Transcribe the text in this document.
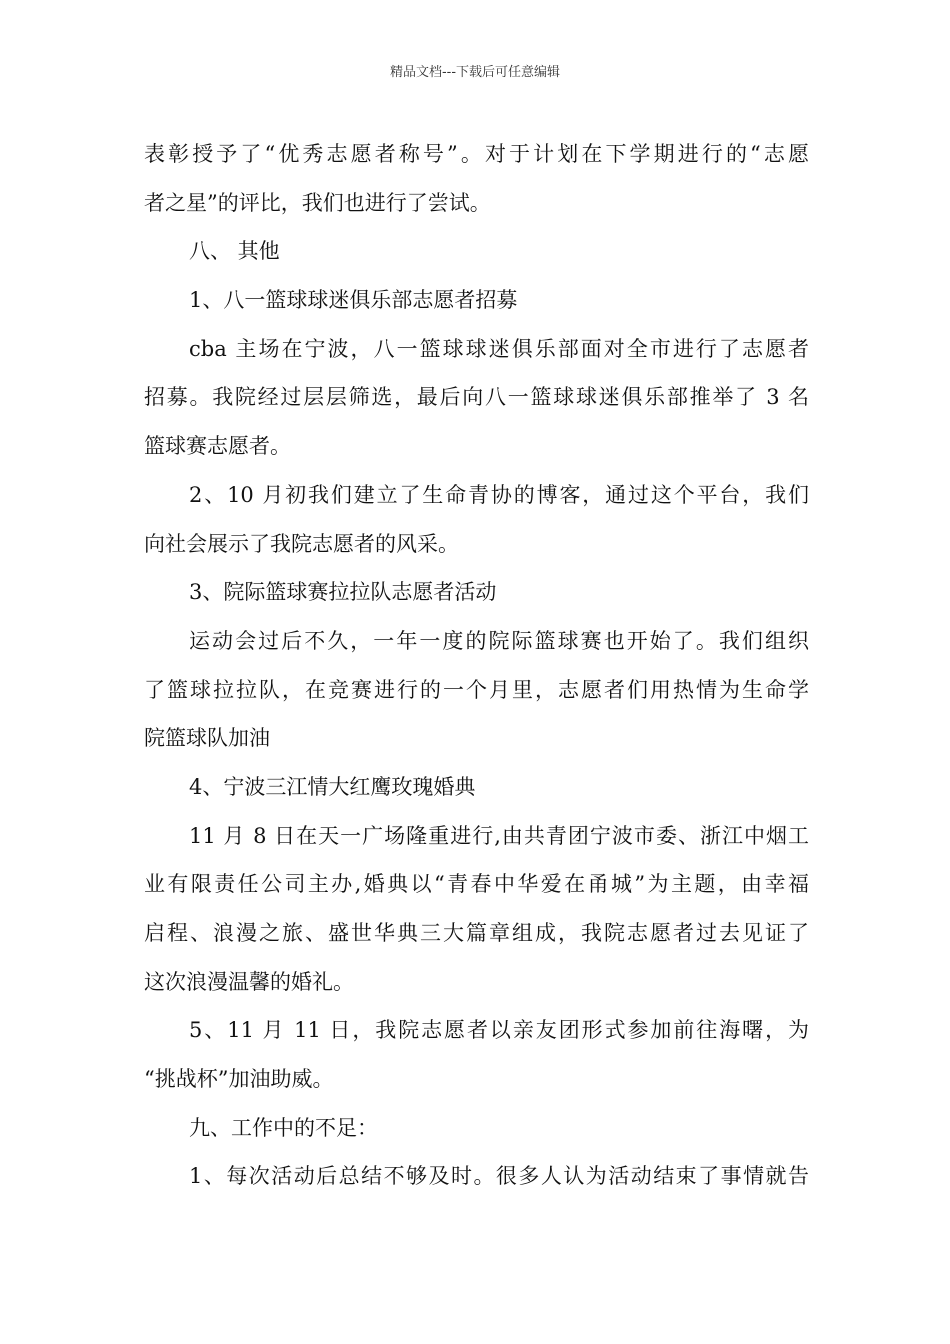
精品文档---下载后可任意编辑
表彰授予了“优秀志愿者称号”。对于计划在下学期进行的“志愿
者之星”的评比，我们也进行了尝试。
八、 其他
1、八一篮球球迷俱乐部志愿者招募
cba 主场在宁波，八一篮球球迷俱乐部面对全市进行了志愿者
招募。我院经过层层筛选，最后向八一篮球球迷俱乐部推举了 3 名
篮球赛志愿者。
2、10 月初我们建立了生命青协的博客，通过这个平台，我们
向社会展示了我院志愿者的风采。
3、院际篮球赛拉拉队志愿者活动
运动会过后不久，一年一度的院际篮球赛也开始了。我们组织
了篮球拉拉队，在竞赛进行的一个月里，志愿者们用热情为生命学
院篮球队加油
4、宁波三江情大红鹰玫瑰婚典
11 月 8 日在天一广场隆重进行,由共青团宁波市委、浙江中烟工
业有限责任公司主办,婚典以“青春中华爱在甬城”为主题，由幸福
启程、浪漫之旅、盛世华典三大篇章组成，我院志愿者过去见证了
这次浪漫温馨的婚礼。
5、11 月 11 日，我院志愿者以亲友团形式参加前往海曙，为
“挑战杯”加油助威。
九、工作中的不足：
1、每次活动后总结不够及时。很多人认为活动结束了事情就告
